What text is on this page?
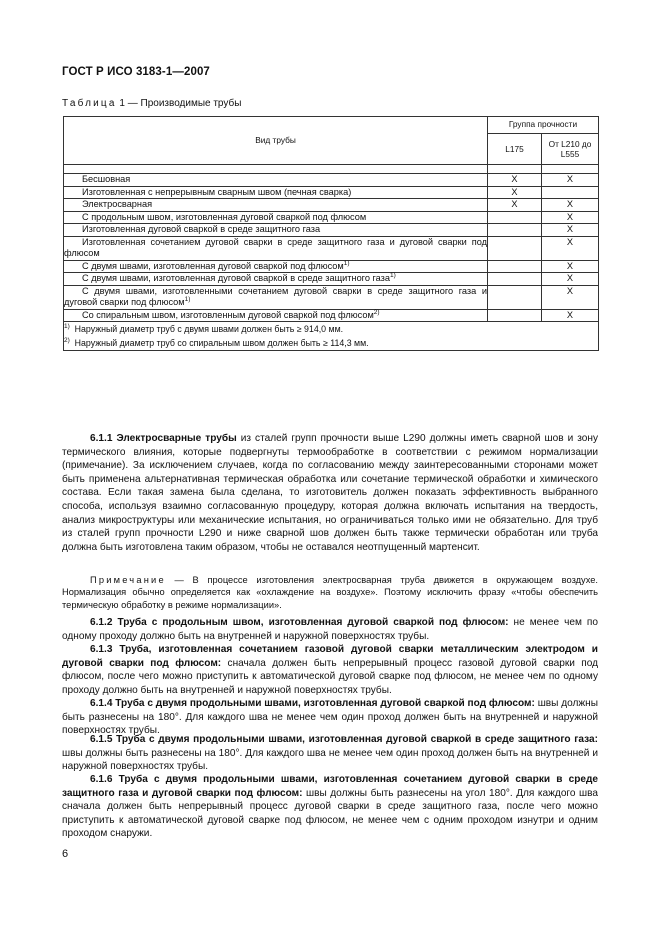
ГОСТ Р ИСО 3183-1—2007
Таблица 1 — Производимые трубы
Вид трубы	Группа прочности	
	L175	От L210 до L555

Бесшовная	X	X
Изготовленная с непрерывным сварным швом (печная сварка)	X	
Электросварная	X	X
С продольным швом, изготовленная дуговой сваркой под флюсом		X
Изготовленная дуговой сваркой в среде защитного газа		X
Изготовленная сочетанием дуговой сварки в среде защитного газа и дуговой сварки под флюсом		X
С двумя швами, изготовленная дуговой сваркой под флюсом$^{1)}$		X
С двумя швами, изготовленная дуговой сваркой в среде защитного газа$^{1)}$		X
С двумя швами, изготовленными сочетанием дуговой сварки в среде защитного газа и дуговой сварки под флюсом$^{1)}$		X
Со спиральным швом, изготовленным дуговой сваркой под флюсом$^{2)}$		X

$^{1)}$ Наружный диаметр труб с двумя швами должен быть ≥ 914,0 мм.
$^{2)}$ Наружный диаметр труб со спиральным швом должен быть ≥ 114,3 мм.		

6.1.1 Электросварные трубы из сталей групп прочности выше L290 должны иметь сварной шов и зону термического влияния, которые подвергнуты термообработке в соответствии с режимом нормализации (примечание). За исключением случаев, когда по согласованию между заинтересованными сторонами может быть применена альтернативная термическая обработка или сочетание термической обработки и химического состава. Если такая замена была сделана, то изготовитель должен показать эффективность выбранного способа, используя взаимно согласованную процедуру, которая должна включать испытания на твердость, анализ микроструктуры или механические испытания, но ограничиваться только ими не обязательно. Для труб из сталей групп прочности L290 и ниже сварной шов должен быть также термически обработан или труба должна быть изготовлена таким образом, чтобы не оставался неотпущенный мартенсит.

Примечание — В процессе изготовления электросварная труба движется в окружающем воздухе. Нормализация обычно определяется как «охлаждение на воздухе». Поэтому исключить фразу «чтобы обеспечить термическую обработку в режиме нормализации».

6.1.2 Труба с продольным швом, изготовленная дуговой сваркой под флюсом: не менее чем по одному проходу должно быть на внутренней и наружной поверхностях трубы.

6.1.3 Труба, изготовленная сочетанием газовой дуговой сварки металлическим электродом и дуговой сварки под флюсом: сначала должен быть непрерывный процесс газовой дуговой сварки под флюсом, после чего можно приступить к автоматической дуговой сварке под флюсом, не менее чем по одному проходу должно быть на внутренней и наружной поверхностях трубы.

6.1.4 Труба с двумя продольными швами, изготовленная дуговой сваркой под флюсом: швы должны быть разнесены на 180°. Для каждого шва не менее чем один проход должен быть на внутренней и наружной поверхностях трубы.

6.1.5 Труба с двумя продольными швами, изготовленная дуговой сваркой в среде защитного газа: швы должны быть разнесены на 180°. Для каждого шва не менее чем один проход должен быть на внутренней и наружной поверхностях трубы.

6.1.6 Труба с двумя продольными швами, изготовленная сочетанием дуговой сварки в среде защитного газа и дуговой сварки под флюсом: швы должны быть разнесены на угол 180°. Для каждого шва сначала должен быть непрерывный процесс дуговой сварки в среде защитного газа, после чего можно приступить к автоматической дуговой сварке под флюсом, не менее чем с одним проходом изнутри и одним проходом снаружи.

6
